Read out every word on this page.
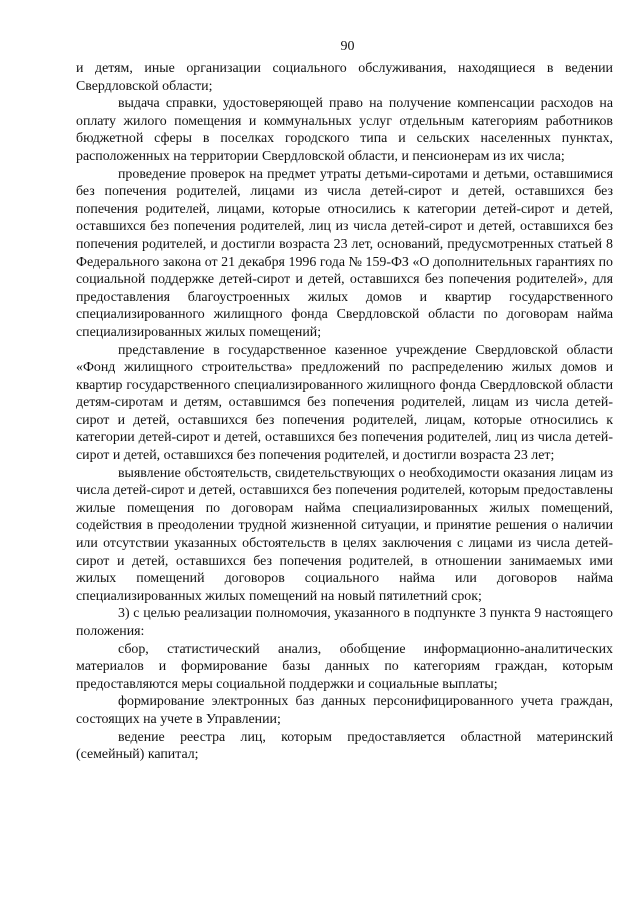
90

и детям, иные организации социального обслуживания, находящиеся в ведении Свердловской области;

выдача справки, удостоверяющей право на получение компенсации расходов на оплату жилого помещения и коммунальных услуг отдельным категориям работников бюджетной сферы в поселках городского типа и сельских населенных пунктах, расположенных на территории Свердловской области, и пенсионерам из их числа;

проведение проверок на предмет утраты детьми-сиротами и детьми, оставшимися без попечения родителей, лицами из числа детей-сирот и детей, оставшихся без попечения родителей, лицами, которые относились к категории детей-сирот и детей, оставшихся без попечения родителей, лиц из числа детей-сирот и детей, оставшихся без попечения родителей, и достигли возраста 23 лет, оснований, предусмотренных статьей 8 Федерального закона от 21 декабря 1996 года № 159-ФЗ «О дополнительных гарантиях по социальной поддержке детей-сирот и детей, оставшихся без попечения родителей», для предоставления благоустроенных жилых домов и квартир государственного специализированного жилищного фонда Свердловской области по договорам найма специализированных жилых помещений;

представление в государственное казенное учреждение Свердловской области «Фонд жилищного строительства» предложений по распределению жилых домов и квартир государственного специализированного жилищного фонда Свердловской области детям-сиротам и детям, оставшимся без попечения родителей, лицам из числа детей-сирот и детей, оставшихся без попечения родителей, лицам, которые относились к категории детей-сирот и детей, оставшихся без попечения родителей, лиц из числа детей-сирот и детей, оставшихся без попечения родителей, и достигли возраста 23 лет;

выявление обстоятельств, свидетельствующих о необходимости оказания лицам из числа детей-сирот и детей, оставшихся без попечения родителей, которым предоставлены жилые помещения по договорам найма специализированных жилых помещений, содействия в преодолении трудной жизненной ситуации, и принятие решения о наличии или отсутствии указанных обстоятельств в целях заключения с лицами из числа детей-сирот и детей, оставшихся без попечения родителей, в отношении занимаемых ими жилых помещений договоров социального найма или договоров найма специализированных жилых помещений на новый пятилетний срок;

3) с целью реализации полномочия, указанного в подпункте 3 пункта 9 настоящего положения:

сбор, статистический анализ, обобщение информационно-аналитических материалов и формирование базы данных по категориям граждан, которым предоставляются меры социальной поддержки и социальные выплаты;

формирование электронных баз данных персонифицированного учета граждан, состоящих на учете в Управлении;

ведение реестра лиц, которым предоставляется областной материнский (семейный) капитал;
